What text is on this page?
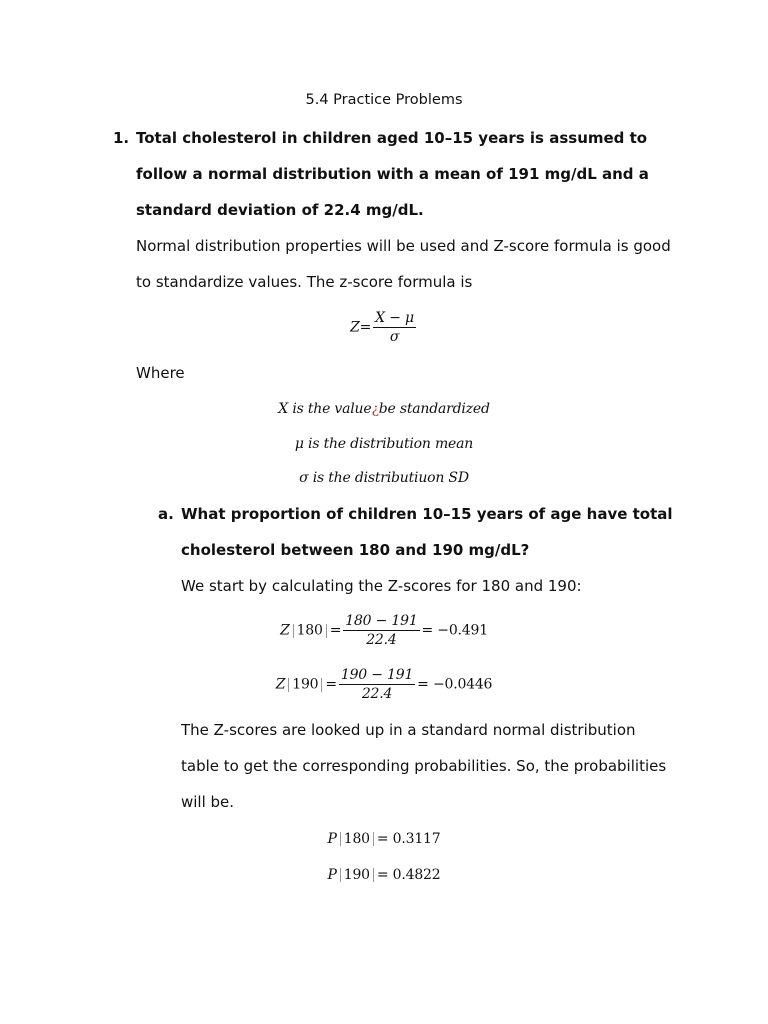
5.4 Practice Problems
1. Total cholesterol in children aged 10–15 years is assumed to
follow a normal distribution with a mean of 191 mg/dL and a
standard deviation of 22.4 mg/dL.
Normal distribution properties will be used and Z-score formula is good
to standardize values. The z-score formula is
$Z= \frac{X - \mu}{\sigma}$
Where
X is the value¿be standardized
μ is the distribution mean
σ is the distributiuon SD
a. What proportion of children 10–15 years of age have total
cholesterol between 180 and 190 mg/dL?
We start by calculating the Z-scores for 180 and 190:
Z $180 = \frac{180 - 191}{22.4} = -0.491$
Z $190 = \frac{190 - 191}{22.4} = -0.0446$
The Z-scores are looked up in a standard normal distribution
table to get the corresponding probabilities. So, the probabilities
will be.
P 180 = 0.3117
P 190 = 0.4822
